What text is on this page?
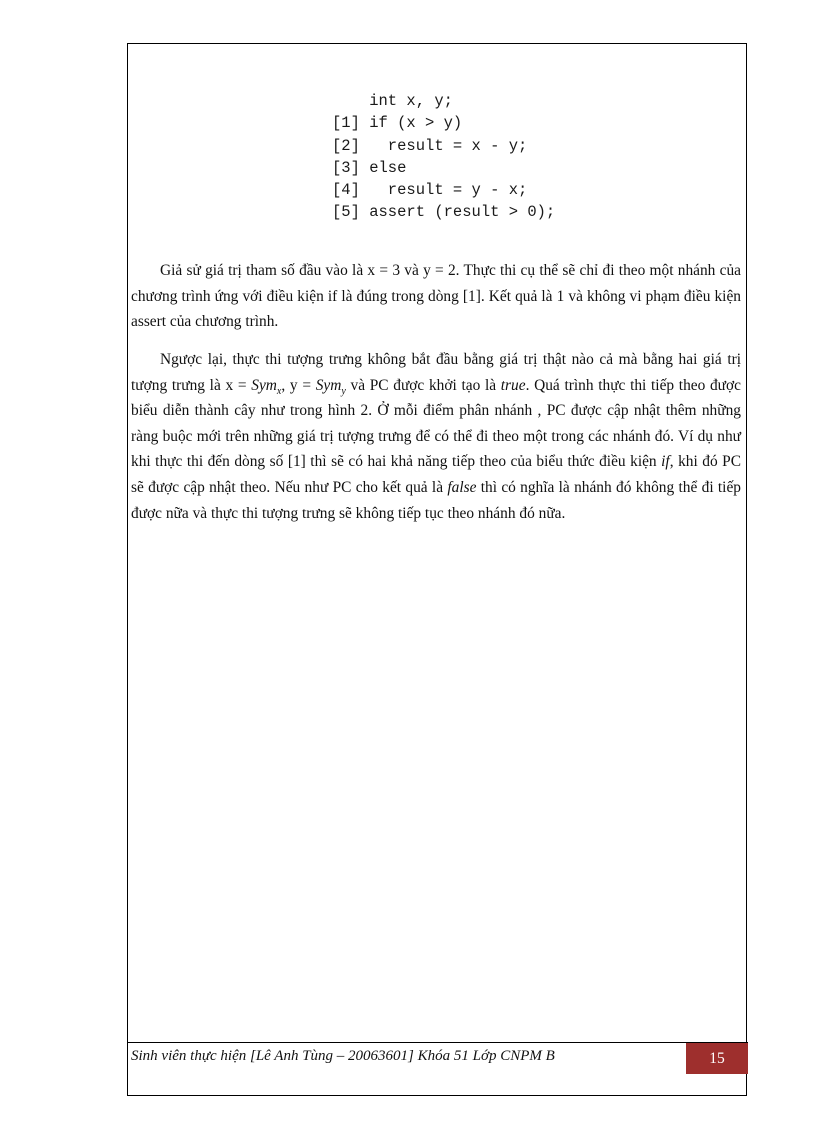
int x, y;
[1] if (x > y)
[2]   result = x - y;
[3] else
[4]   result = y - x;
[5] assert (result > 0);

Giả sử giá trị tham số đầu vào là x = 3 và y = 2. Thực thi cụ thể sẽ chỉ đi theo một nhánh của chương trình ứng với điều kiện if là đúng trong dòng [1]. Kết quả là 1 và không vi phạm điều kiện assert của chương trình.

Ngược lại, thực thi tượng trưng không bắt đầu bằng giá trị thật nào cả mà bằng hai giá trị tượng trưng là x = Sym$_x$, y = Sym$_y$ và PC được khởi tạo là true. Quá trình thực thi tiếp theo được biểu diễn thành cây như trong hình 2. Ở mỗi điểm phân nhánh , PC được cập nhật thêm những ràng buộc mới trên những giá trị tượng trưng để có thể đi theo một trong các nhánh đó. Ví dụ như khi thực thi đến dòng số [1] thì sẽ có hai khả năng tiếp theo của biểu thức điều kiện if, khi đó PC sẽ được cập nhật theo. Nếu như PC cho kết quả là false thì có nghĩa là nhánh đó không thể đi tiếp được nữa và thực thi tượng trưng sẽ không tiếp tục theo nhánh đó nữa.

Sinh viên thực hiện [Lê Anh Tùng – 20063601] Khóa 51 Lớp CNPM B	15
